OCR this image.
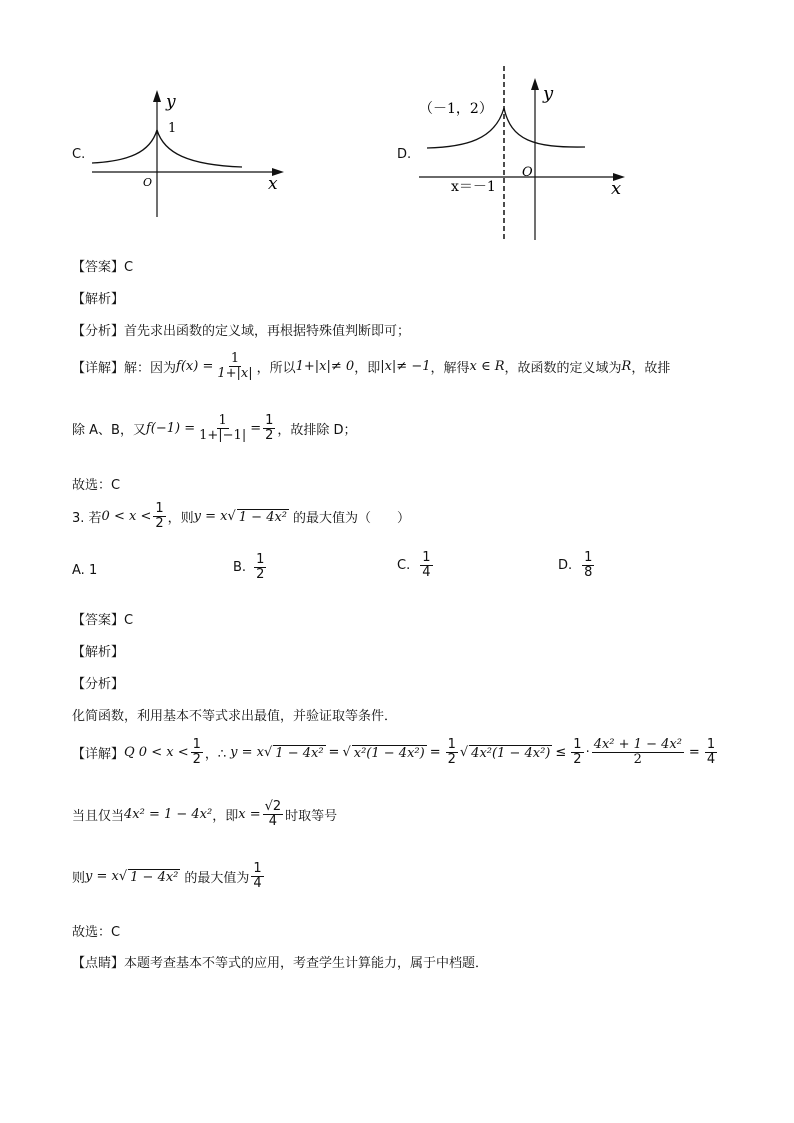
C.
y
x
1
O
D.
y
x
（－1，2）
O
x＝－1
【答案】C
【解析】
【分析】首先求出函数的定义域，再根据特殊值判断即可；
【详解】 解：因为 $f(x) = \frac{1}{1+|x|}$ ，所以 1+|x|≠ 0 ，即 |x|≠ −1 ，解得 x ∈ R ，故函数的定义域为 R ，故排
除 A、B，又 $f(-1) = \frac{1}{1+|-1|} = \frac{1}{2}$ ，故排除 D；
故选：C
3. 若 $0 < x < \frac{1}{2}$ ，则 y = x √ 1 − 4x² 的最大值为（　　）
A. 1	B. $\frac{1}{2}$	C. $\frac{1}{4}$	D. $\frac{1}{8}$
【答案】C
【解析】
【分析】
化简函数，利用基本不等式求出最值，并验证取等条件．
【详解】 Q $0 < x < \frac{1}{2}$ ，∴ y = x √ 1 − 4x² = √ $x^2(1 - 4x^2) = \frac{1}{2}$ √ $4x^2(1 - 4x^2) \le \frac{1}{2} \cdot \frac{\text{4x² + 1 − 4x²}}{2} = \frac{1}{4}$
当且仅当 4x² = 1 − 4x² ，即 $x = \frac{√2}{4}$ 时取等号
则 y = x √ 1 − 4x² 的最大值为 $\frac{1}{4}$
故选：C
【点睛】本题考查基本不等式的应用，考查学生计算能力，属于中档题．
